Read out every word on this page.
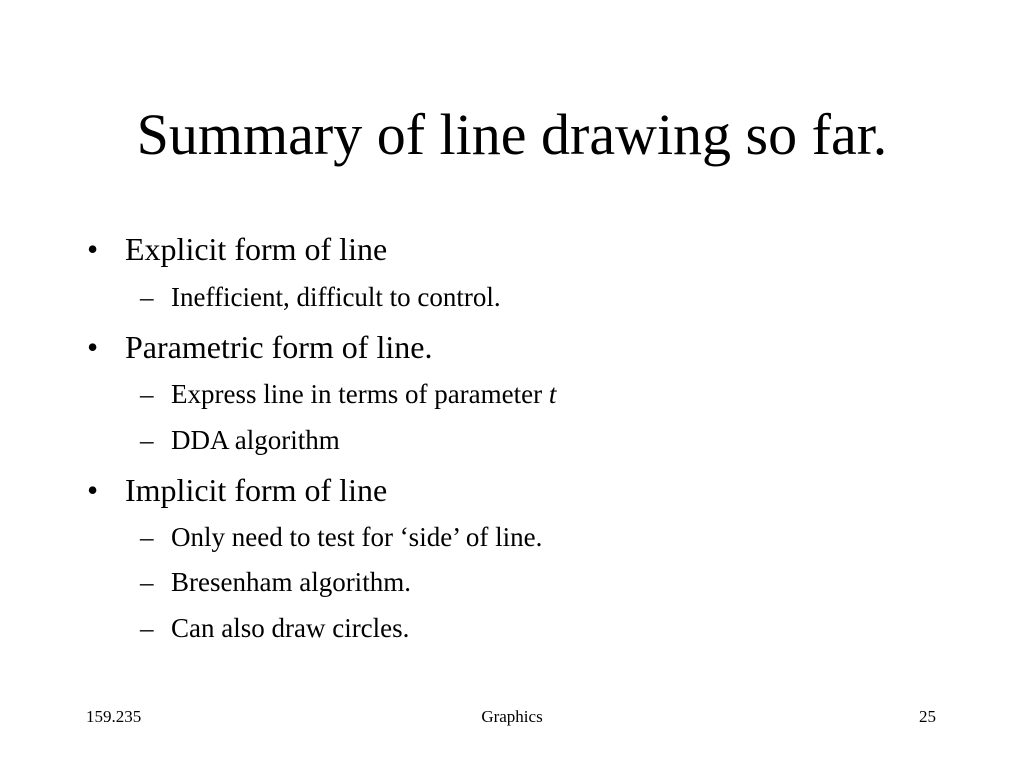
Summary of line drawing so far.
• Explicit form of line
– Inefficient, difficult to control.
• Parametric form of line.
– Express line in terms of parameter t
– DDA algorithm
• Implicit form of line
– Only need to test for ‘side’ of line.
– Bresenham algorithm.
– Can also draw circles.
159.235	Graphics	25
